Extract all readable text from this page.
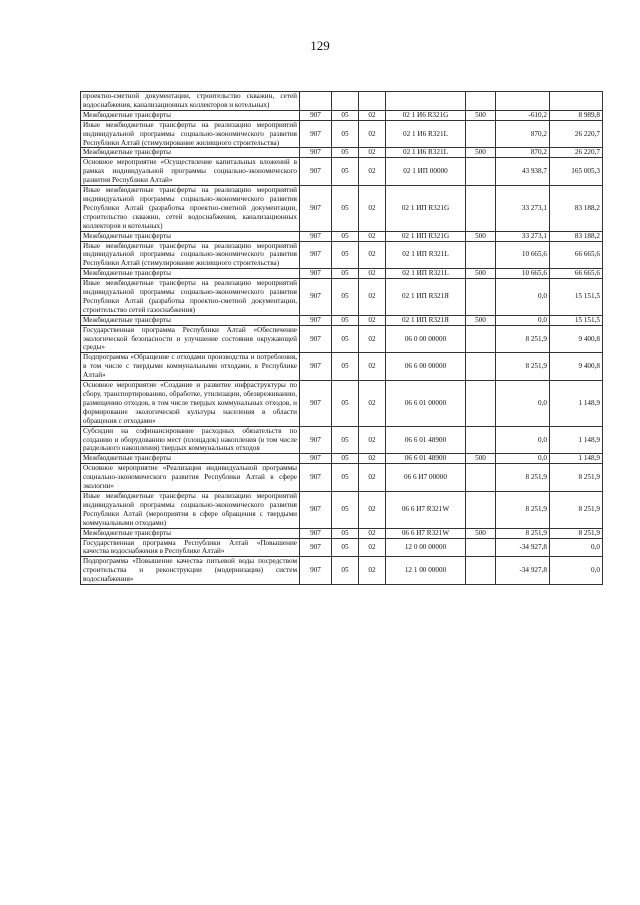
129
проектно-сметной документации, строительство скважин, сетей водоснабжения, канализационных коллекторов и котельных)							
Межбюджетные трансферты	907	05	02	02 1 И6 R321G	500	-610,2	8 989,8
Иные межбюджетные трансферты на реализацию мероприятий индивидуальной программы социально-экономического развития Республики Алтай (стимулирование жилищного строительства)	907	05	02	02 1 И6 R321L		870,2	26 220,7
Межбюджетные трансферты	907	05	02	02 1 И6 R321L	500	870,2	26 220,7
Основное мероприятие «Осуществление капитальных вложений в рамках индивидуальной программы социально-экономического развития Республики Алтай»	907	05	02	02 1 ИП 00000		43 938,7	165 005,3
Иные межбюджетные трансферты на реализацию мероприятий индивидуальной программы социально-экономического развития Республики Алтай (разработка проектно-сметной документации, строительство скважин, сетей водоснабжения, канализационных коллекторов и котельных)	907	05	02	02 1 ИП R321G		33 273,1	83 188,2
Межбюджетные трансферты	907	05	02	02 1 ИП R321G	500	33 273,1	83 188,2
Иные межбюджетные трансферты на реализацию мероприятий индивидуальной программы социально-экономического развития Республики Алтай (стимулирование жилищного строительства)	907	05	02	02 1 ИП R321L		10 665,6	66 665,6
Межбюджетные трансферты	907	05	02	02 1 ИП R321L	500	10 665,6	66 665,6
Иные межбюджетные трансферты на реализацию мероприятий индивидуальной программы социально-экономического развития Республики Алтай (разработка проектно-сметной документации, строительство сетей газоснабжения)	907	05	02	02 1 ИП R321Я		0,0	15 151,5
Межбюджетные трансферты	907	05	02	02 1 ИП R321Я	500	0,0	15 151,5
Государственная программа Республики Алтай «Обеспечение экологической безопасности и улучшение состояния окружающей среды»	907	05	02	06 0 00 00000		8 251,9	9 400,8
Подпрограмма «Обращение с отходами производства и потребления, в том числе с твердыми коммунальными отходами, в Республике Алтай»	907	05	02	06 6 00 00000		8 251,9	9 400,8
Основное мероприятие «Создание и развитие инфраструктуры по сбору, транспортированию, обработке, утилизации, обезвреживанию, размещению отходов, в том числе твердых коммунальных отходов, и формирование экологической культуры населения в области обращения с отходами»	907	05	02	06 6 01 00000		0,0	1 148,9
Субсидии на софинансирование расходных обязательств по созданию и оборудованию мест (площадок) накопления (в том числе раздельного накопления) твердых коммунальных отходов	907	05	02	06 6 01 48900		0,0	1 148,9
Межбюджетные трансферты	907	05	02	06 6 01 48900	500	0,0	1 148,9
Основное мероприятие «Реализация индивидуальной программы социально-экономического развития Республики Алтай в сфере экологии»	907	05	02	06 6 И7 00000		8 251,9	8 251,9
Иные межбюджетные трансферты на реализацию мероприятий индивидуальной программы социально-экономического развития Республики Алтай (мероприятия в сфере обращения с твердыми коммунальными отходами)	907	05	02	06 6 И7 R321W		8 251,9	8 251,9
Межбюджетные трансферты	907	05	02	06 6 И7 R321W	500	8 251,9	8 251,9
Государственная программа Республики Алтай «Повышение качества водоснабжения в Республике Алтай»	907	05	02	12 0 00 00000		-34 927,8	0,0
Подпрограмма «Повышение качества питьевой воды посредством строительства и реконструкции (модернизации) систем водоснабжения»	907	05	02	12 1 00 00000		-34 927,8	0,0
